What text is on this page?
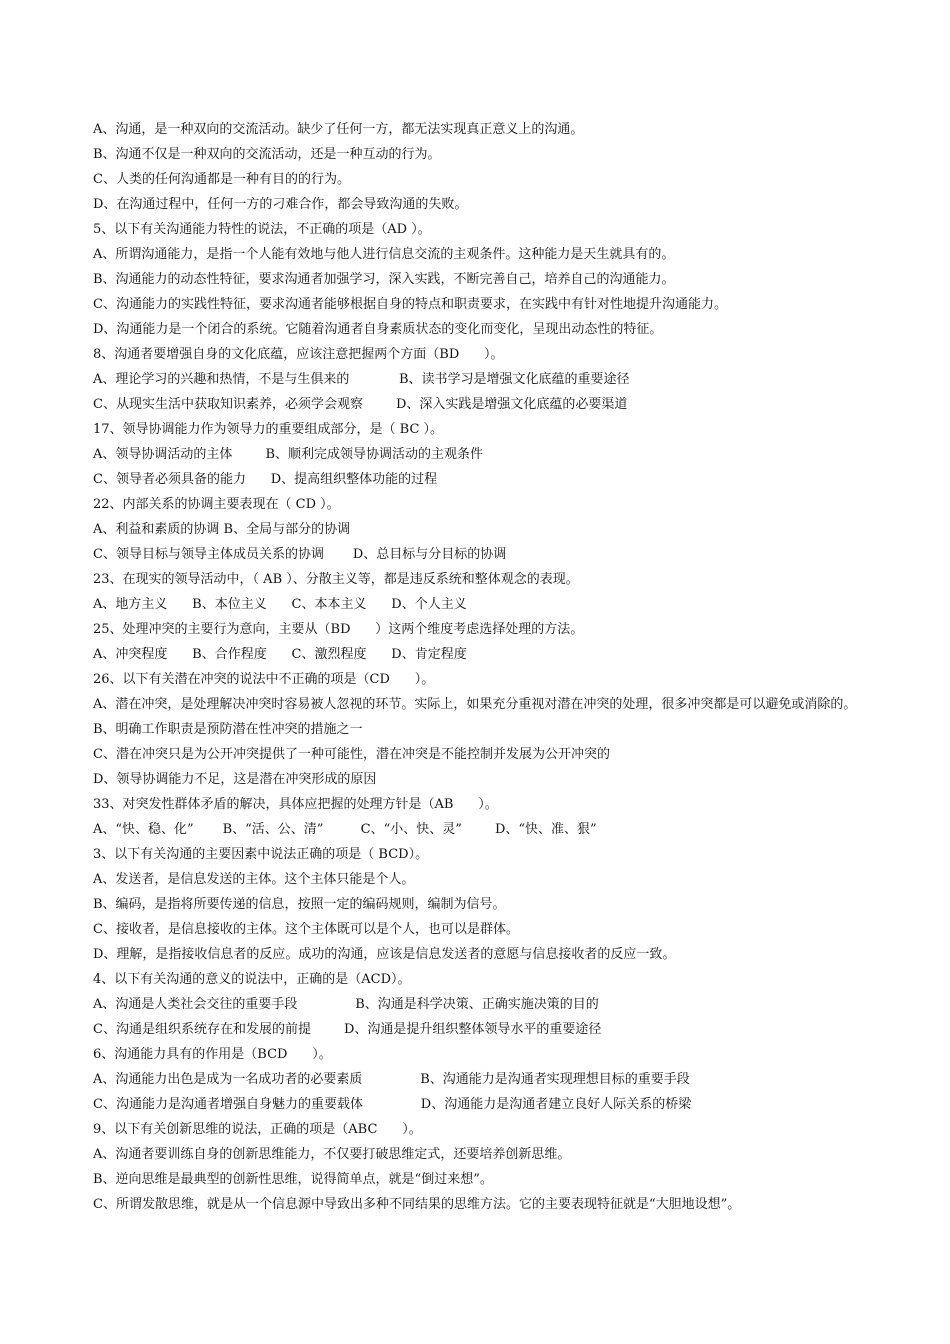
A、沟通，是一种双向的交流活动。缺少了任何一方，都无法实现真正意义上的沟通。
B、沟通不仅是一种双向的交流活动，还是一种互动的行为。
C、人类的任何沟通都是一种有目的的行为。
D、在沟通过程中，任何一方的刁难合作，都会导致沟通的失败。
5、以下有关沟通能力特性的说法，不正确的项是（AD ）。
A、所谓沟通能力，是指一个人能有效地与他人进行信息交流的主观条件。这种能力是天生就具有的。
B、沟通能力的动态性特征，要求沟通者加强学习，深入实践，不断完善自己，培养自己的沟通能力。
C、沟通能力的实践性特征，要求沟通者能够根据自身的特点和职责要求，在实践中有针对性地提升沟通能力。
D、沟通能力是一个闭合的系统。它随着沟通者自身素质状态的变化而变化，呈现出动态性的特征。
8、沟通者要增强自身的文化底蕴，应该注意把握两个方面（BD      ）。
A、理论学习的兴趣和热情，不是与生俱来的            B、读书学习是增强文化底蕴的重要途径
C、从现实生活中获取知识素养，必须学会观察        D、深入实践是增强文化底蕴的必要渠道
17、领导协调能力作为领导力的重要组成部分，是（ BC ）。
A、领导协调活动的主体        B、顺利完成领导协调活动的主观条件
C、领导者必须具备的能力      D、提高组织整体功能的过程
22、内部关系的协调主要表现在（ CD ）。
A、利益和素质的协调 B、全局与部分的协调
C、领导目标与领导主体成员关系的协调       D、总目标与分目标的协调
23、在现实的领导活动中，（ AB ）、分散主义等，都是违反系统和整体观念的表现。
A、地方主义      B、本位主义      C、本本主义      D、个人主义
25、处理冲突的主要行为意向，主要从（BD      ）这两个维度考虑选择处理的方法。
A、冲突程度      B、合作程度      C、激烈程度      D、肯定程度
26、以下有关潜在冲突的说法中不正确的项是（CD      ）。
A、潜在冲突，是处理解决冲突时容易被人忽视的环节。实际上，如果充分重视对潜在冲突的处理，很多冲突都是可以避免或消除的。 B、明确工作职责是预防潜在性冲突的措施之一
C、潜在冲突只是为公开冲突提供了一种可能性，潜在冲突是不能控制并发展为公开冲突的
D、领导协调能力不足，这是潜在冲突形成的原因
33、对突发性群体矛盾的解决，具体应把握的处理方针是（AB      ）。
A、“快、稳、化”       B、“活、公、清”         C、“小、快、灵”        D、“快、准、狠”
3、以下有关沟通的主要因素中说法正确的项是（ BCD）。
A、发送者，是信息发送的主体。这个主体只能是个人。
B、编码，是指将所要传递的信息，按照一定的编码规则，编制为信号。
C、接收者，是信息接收的主体。这个主体既可以是个人，也可以是群体。
D、理解，是指接收信息者的反应。成功的沟通，应该是信息发送者的意愿与信息接收者的反应一致。
4、以下有关沟通的意义的说法中，正确的是（ACD）。
A、沟通是人类社会交往的重要手段              B、沟通是科学决策、正确实施决策的目的
C、沟通是组织系统存在和发展的前提        D、沟通是提升组织整体领导水平的重要途径
6、沟通能力具有的作用是（BCD      ）。
A、沟通能力出色是成为一名成功者的必要素质              B、沟通能力是沟通者实现理想目标的重要手段
C、沟通能力是沟通者增强自身魅力的重要载体              D、沟通能力是沟通者建立良好人际关系的桥梁
9、以下有关创新思维的说法，正确的项是（ABC      ）。
A、沟通者要训练自身的创新思维能力，不仅要打破思维定式，还要培养创新思维。
B、逆向思维是最典型的创新性思维，说得简单点，就是“倒过来想”。
C、所谓发散思维，就是从一个信息源中导致出多种不同结果的思维方法。它的主要表现特征就是“大胆地设想”。
